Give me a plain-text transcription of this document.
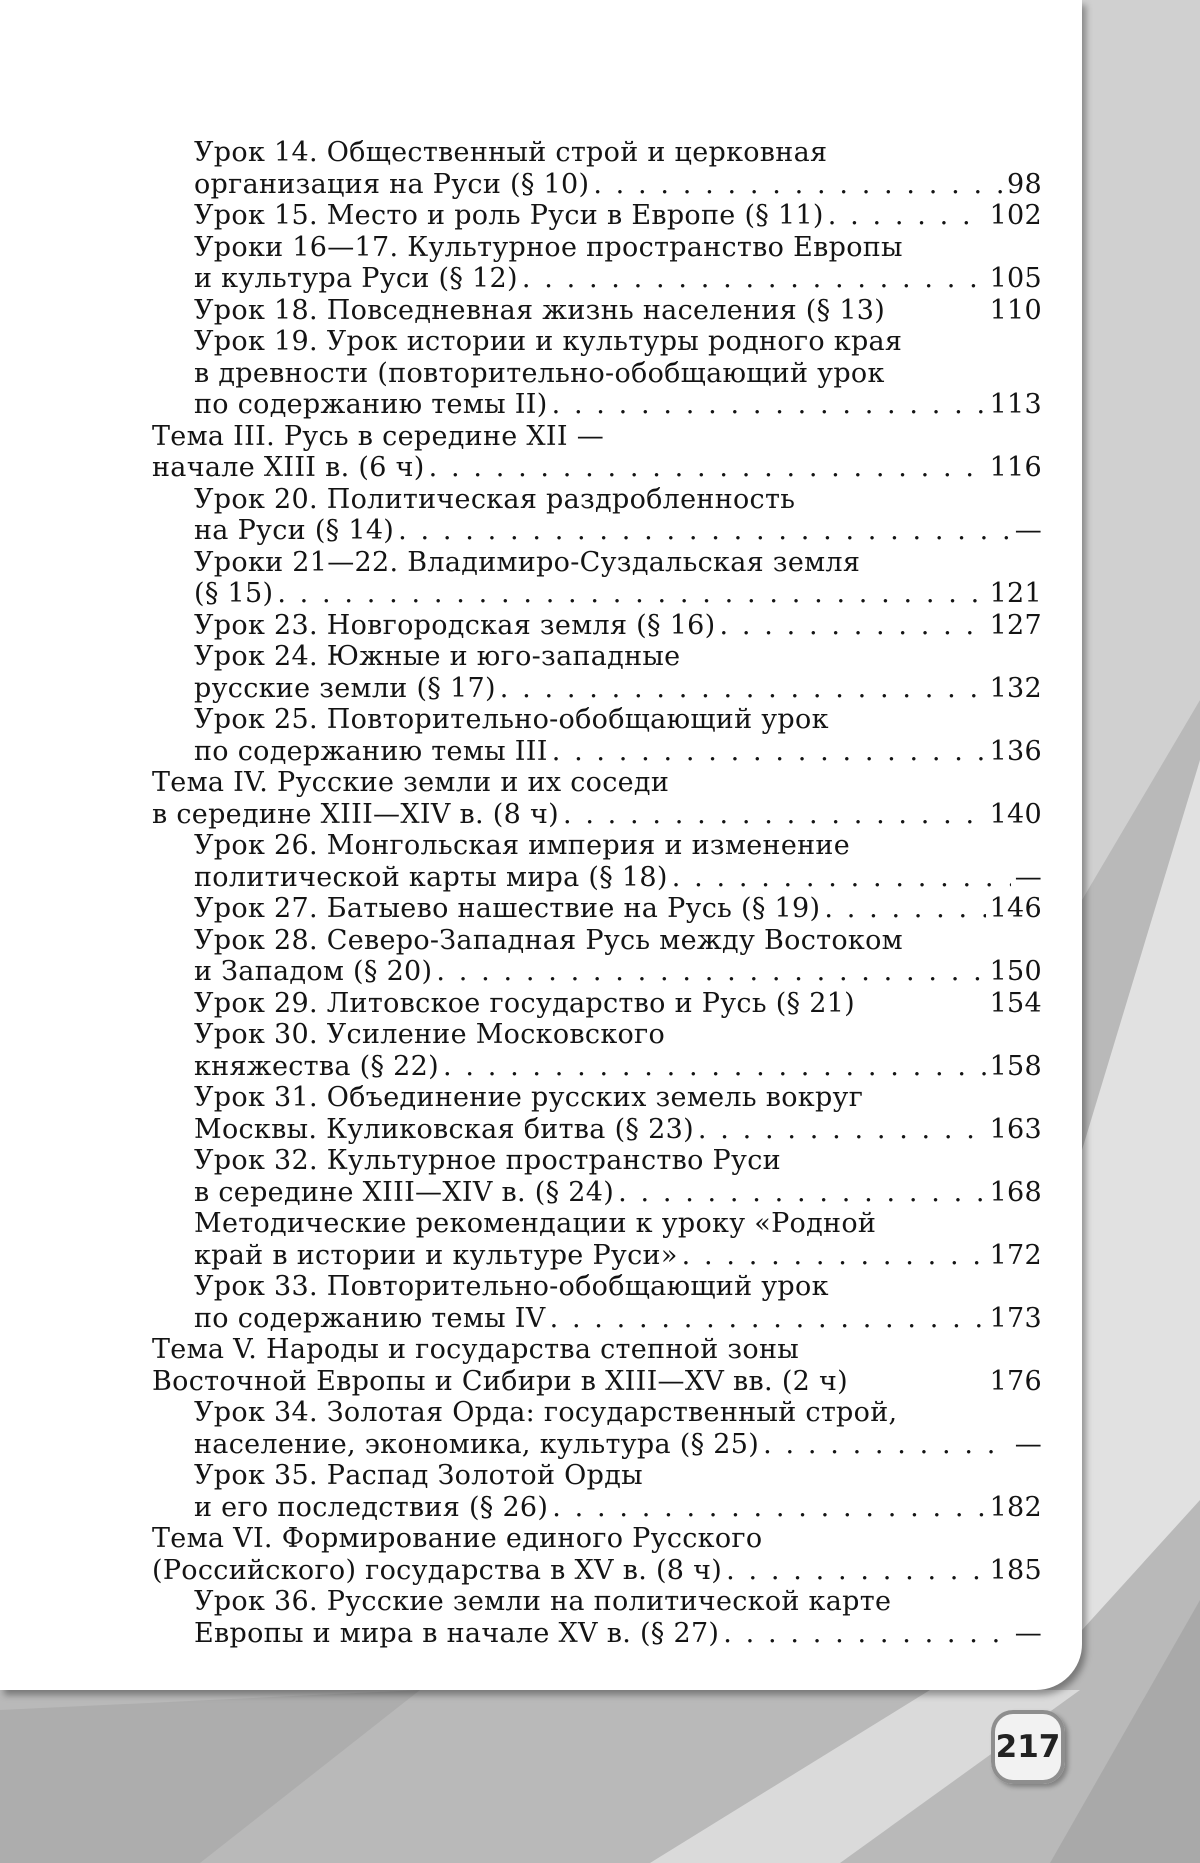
Урок 14. Общественный строй и церковная
организация на Руси (§ 10) . . .	98
Урок 15. Место и роль Руси в Европе (§ 11) . . .	102
Уроки 16—17. Культурное пространство Европы
и культура Руси (§ 12) . . .	105
Урок 18. Повседневная жизнь населения (§ 13)	110
Урок 19. Урок истории и культуры родного края
в древности (повторительно-обобщающий урок
по содержанию темы II) . . .	113
Тема III. Русь в середине XII —
начале XIII в. (6 ч) . . .	116
Урок 20. Политическая раздробленность
на Руси (§ 14) . . .	—
Уроки 21—22. Владимиро-Суздальская земля
(§ 15) . . .	121
Урок 23. Новгородская земля (§ 16) . . .	127
Урок 24. Южные и юго-западные
русские земли (§ 17) . . .	132
Урок 25. Повторительно-обобщающий урок
по содержанию темы III . . .	136
Тема IV. Русские земли и их соседи
в середине XIII—XIV в. (8 ч) . . .	140
Урок 26. Монгольская империя и изменение
политической карты мира (§ 18) . . .	—
Урок 27. Батыево нашествие на Русь (§ 19) . . .	146
Урок 28. Северо-Западная Русь между Востоком
и Западом (§ 20) . . .	150
Урок 29. Литовское государство и Русь (§ 21)	154
Урок 30. Усиление Московского
княжества (§ 22) . . .	158
Урок 31. Объединение русских земель вокруг
Москвы. Куликовская битва (§ 23) . . .	163
Урок 32. Культурное пространство Руси
в середине XIII—XIV в. (§ 24) . . .	168
Методические рекомендации к уроку «Родной
край в истории и культуре Руси» . . .	172
Урок 33. Повторительно-обобщающий урок
по содержанию темы IV . . .	173
Тема V. Народы и государства степной зоны
Восточной Европы и Сибири в XIII—XV вв. (2 ч)	176
Урок 34. Золотая Орда: государственный строй,
население, экономика, культура (§ 25) . . .	—
Урок 35. Распад Золотой Орды
и его последствия (§ 26) . . .	182
Тема VI. Формирование единого Русского
(Российского) государства в XV в. (8 ч) . . .	185
Урок 36. Русские земли на политической карте
Европы и мира в начале XV в. (§ 27) . . .	—
217
